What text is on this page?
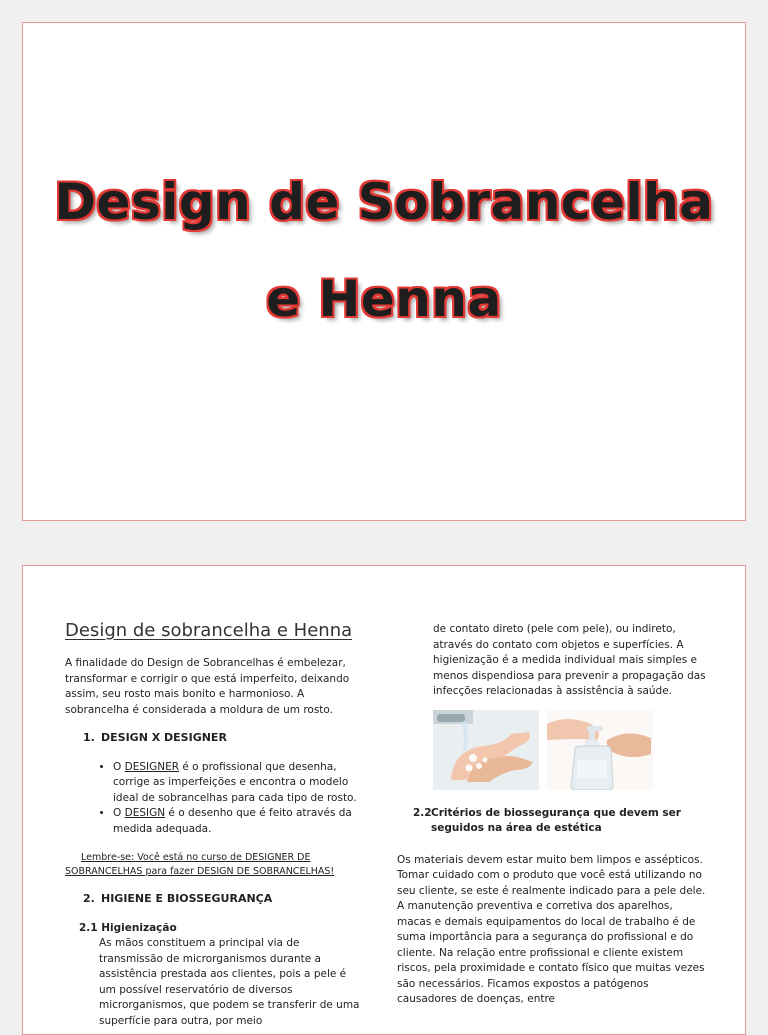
Design de Sobrancelha
e Henna
Design de sobrancelha e Henna

A finalidade do Design de Sobrancelhas é embelezar, transformar e corrigir o que está imperfeito, deixando assim, seu rosto mais bonito e harmonioso. A sobrancelha é considerada a moldura de um rosto.

1. DESIGN X DESIGNER
• O DESIGNER é o profissional que desenha, corrige as imperfeições e encontra o modelo ideal de sobrancelhas para cada tipo de rosto.
• O DESIGN é o desenho que é feito através da medida adequada.

Lembre-se: Você está no curso de DESIGNER DE SOBRANCELHAS para fazer DESIGN DE SOBRANCELHAS!

2. HIGIENE E BIOSSEGURANÇA
2.1 Higienização

As mãos constituem a principal via de transmissão de microrganismos durante a assistência prestada aos clientes, pois a pele é um possível reservatório de diversos microrganismos, que podem se transferir de uma superfície para outra, por meio

de contato direto (pele com pele), ou indireto, através do contato com objetos e superfícies. A higienização é a medida individual mais simples e menos dispendiosa para prevenir a propagação das infecções relacionadas à assistência à saúde.

2.2Critérios de biossegurança que devem ser seguidos na área de estética

Os materiais devem estar muito bem limpos e assépticos. Tomar cuidado com o produto que você está utilizando no seu cliente, se este é realmente indicado para a pele dele. A manutenção preventiva e corretiva dos aparelhos, macas e demais equipamentos do local de trabalho é de suma importância para a segurança do profissional e do cliente. Na relação entre profissional e cliente existem riscos, pela proximidade e contato físico que muitas vezes são necessários. Ficamos expostos a patógenos causadores de doenças, entre
